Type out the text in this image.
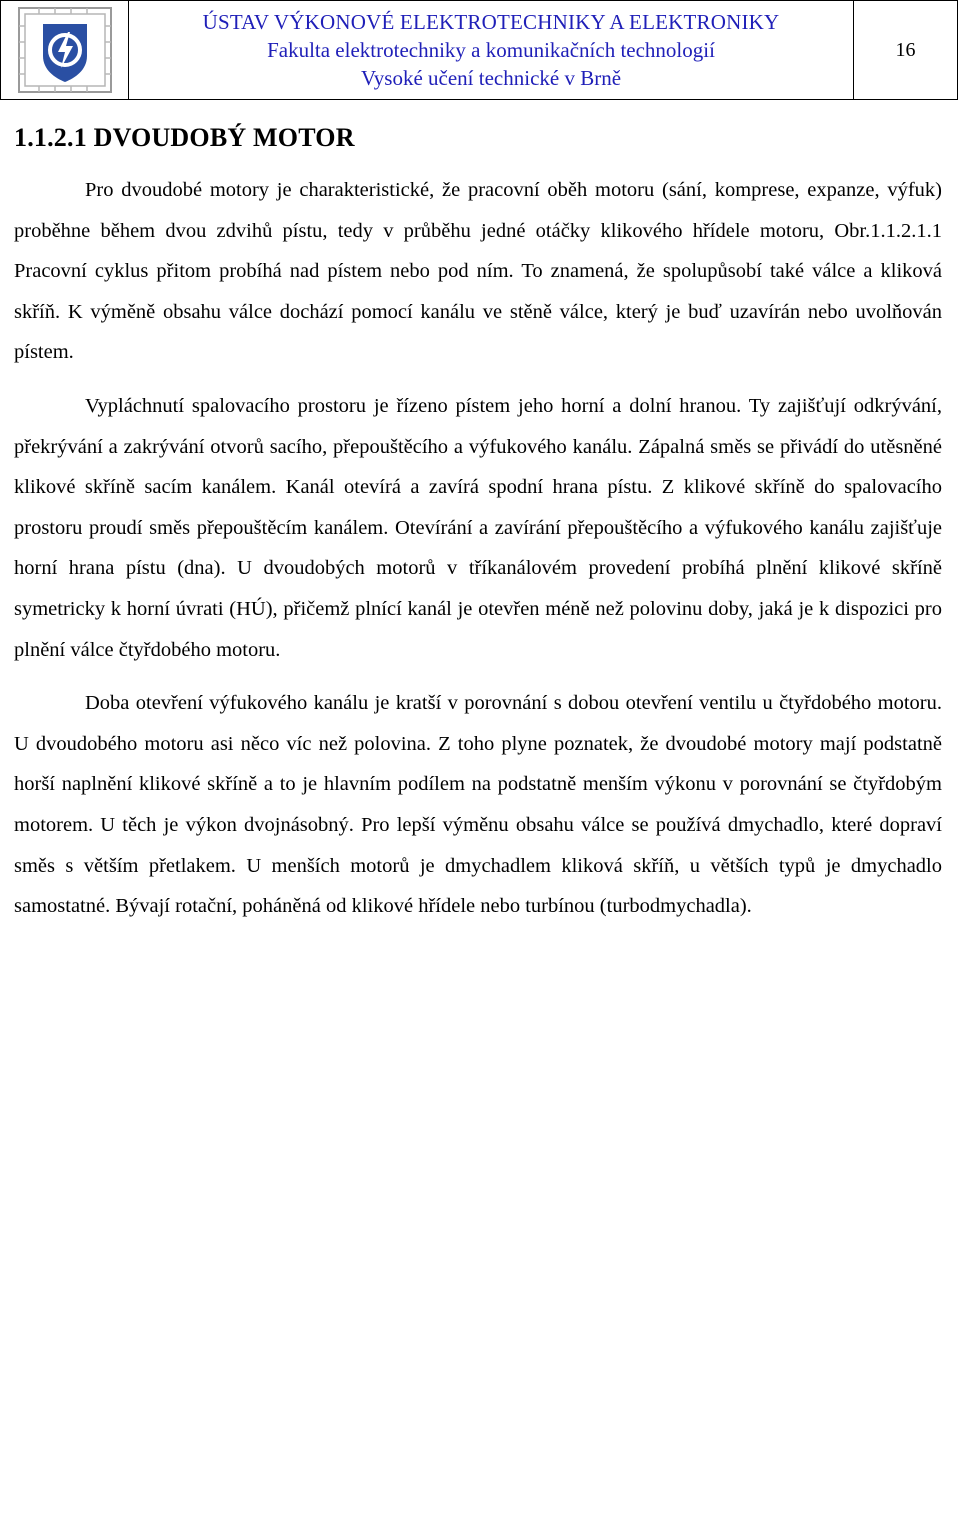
ÚSTAV VÝKONOVÉ ELEKTROTECHNIKY A ELEKTRONIKY
Fakulta elektrotechniky a komunikačních technologií
Vysoké učení technické v Brně
16
1.1.2.1 DVOUDOBÝ MOTOR

Pro dvoudobé motory je charakteristické, že pracovní oběh motoru (sání, komprese, expanze, výfuk) proběhne během dvou zdvihů pístu, tedy v průběhu jedné otáčky klikového hřídele motoru, Obr.1.1.2.1.1 Pracovní cyklus přitom probíhá nad pístem nebo pod ním. To znamená, že spolupůsobí také válce a kliková skříň. K výměně obsahu válce dochází pomocí kanálu ve stěně válce, který je buď uzavírán nebo uvolňován pístem.

Vypláchnutí spalovacího prostoru je řízeno pístem jeho horní a dolní hranou. Ty zajišťují odkrývání, překrývání a zakrývání otvorů sacího, přepouštěcího a výfukového kanálu. Zápalná směs se přivádí do utěsněné klikové skříně sacím kanálem. Kanál otevírá a zavírá spodní hrana pístu. Z klikové skříně do spalovacího prostoru proudí směs přepouštěcím kanálem. Otevírání a zavírání přepouštěcího a výfukového kanálu zajišťuje horní hrana pístu (dna). U dvoudobých motorů v tříkanálovém provedení probíhá plnění klikové skříně symetricky k horní úvrati (HÚ), přičemž plnící kanál je otevřen méně než polovinu doby, jaká je k dispozici pro plnění válce čtyřdobého motoru.

Doba otevření výfukového kanálu je kratší v porovnání s dobou otevření ventilu u čtyřdobého motoru. U dvoudobého motoru asi něco víc než polovina. Z toho plyne poznatek, že dvoudobé motory mají podstatně horší naplnění klikové skříně a to je hlavním podílem na podstatně menším výkonu v porovnání se čtyřdobým motorem. U těch je výkon dvojnásobný. Pro lepší výměnu obsahu válce se používá dmychadlo, které dopraví směs s větším přetlakem. U menších motorů je dmychadlem kliková skříň, u větších typů je dmychadlo samostatné. Bývají rotační, poháněná od klikové hřídele nebo turbínou (turbodmychadla).
